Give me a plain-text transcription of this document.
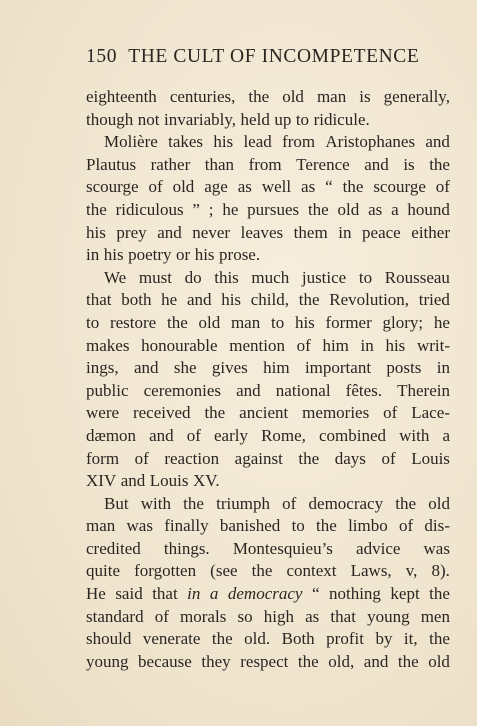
150 THE CULT OF INCOMPETENCE
eighteenth centuries, the old man is generally,
though not invariably, held up to ridicule.
Molière takes his lead from Aristophanes and
Plautus rather than from Terence and is the
scourge of old age as well as “ the scourge of
the ridiculous ” ; he pursues the old as a hound
his prey and never leaves them in peace either
in his poetry or his prose.
We must do this much justice to Rousseau
that both he and his child, the Revolution, tried
to restore the old man to his former glory; he
makes honourable mention of him in his writ-
ings, and she gives him important posts in
public ceremonies and national fêtes. Therein
were received the ancient memories of Lace-
dæmon and of early Rome, combined with a
form of reaction against the days of Louis
XIV and Louis XV.
But with the triumph of democracy the old
man was finally banished to the limbo of dis-
credited things. Montesquieu’s advice was
quite forgotten (see the context Laws, v, 8).
He said that in a democracy “ nothing kept the
standard of morals so high as that young men
should venerate the old. Both profit by it, the
young because they respect the old, and the old
